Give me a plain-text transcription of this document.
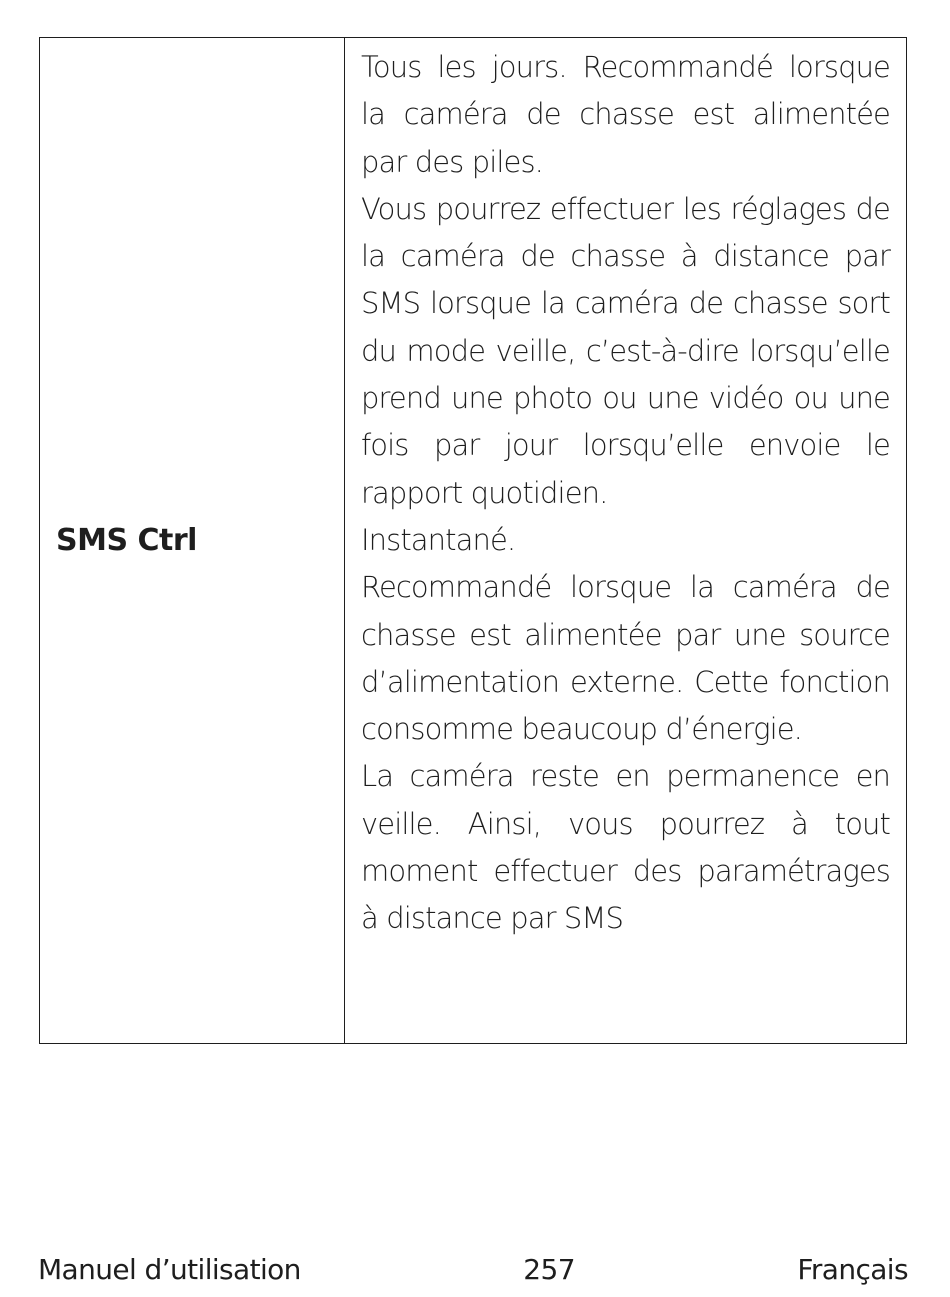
SMS Ctrl

Tous les jours. Recommandé lorsque la caméra de chasse est alimentée par des piles.

Vous pourrez effectuer les réglages de la caméra de chasse à distance par SMS lorsque la caméra de chasse sort du mode veille, c’est-à-dire lorsqu’elle prend une photo ou une vidéo ou une fois par jour lorsqu’elle envoie le rapport quotidien.

Instantané.

Recommandé lorsque la caméra de chasse est alimentée par une source d’alimentation externe. Cette fonction consomme beaucoup d’énergie.

La caméra reste en permanence en veille. Ainsi, vous pourrez à tout moment effectuer des paramétrages à distance par SMS

Manuel d’utilisation	257	Français
